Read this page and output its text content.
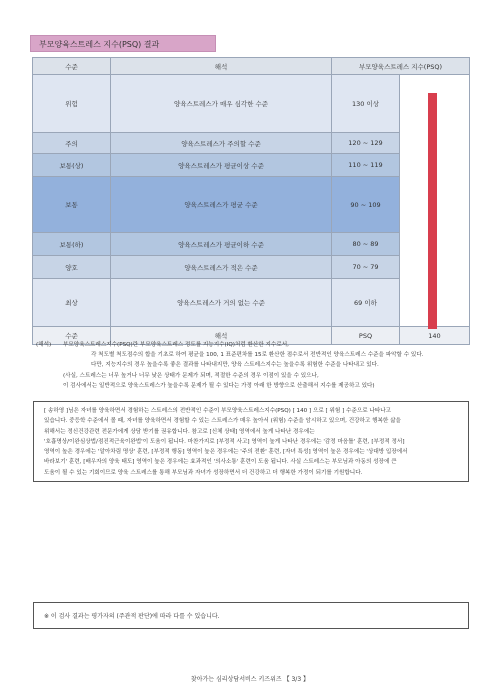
부모양육스트레스 지수(PSQ) 결과
수준	해석	부모양육스트레스 지수(PSQ)	
위험	양육스트레스가 매우 심각한 수준	130 이상	
주의	양육스트레스가 주의할 수준	120 ~ 129	
보통(상)	양육스트레스가 평균이상 수준	110 ~ 119	
보통	양육스트레스가 평균 수준	90 ~ 109	
보통(하)	양육스트레스가 평균이하 수준	80 ~ 89	
양호	양육스트레스가 적은 수준	70 ~ 79	
최상	양육스트레스가 거의 없는 수준	69 이하	
수준	해석	PSQ	140
(해석) 부모양육스트레스지수(PSQ)란 부모양육스트레스 정도를 지능지수(IQ)처럼 환산한 지수로서,
각 척도별 척도점수의 합을 기초로 하여 평균을 100, 1 표준편차를 15로 환산한 점수로서 전반적인 양육스트레스 수준을 파악할 수 있다.
다만, 지능지수의 경우 높을수록 좋은 결과를 나타내지만, 양육 스트레스지수는 높을수록 위험한 수준을 나타내고 있다.
(사실, 스트레스는 너무 높거나 너무 낮은 상태가 문제가 되며, 적절한 수준의 경우 이점이 있을 수 있으나,
이 검사에서는 일반적으로 양육스트레스가 높을수록 문제가 될 수 있다는 가정 아래 한 방향으로 산출해서 지수를 제공하고 있다)
[ 송하영 ]님은 자녀를 양육하면서 경험하는 스트레스의 전반적인 수준이 부모양육스트레스지수(PSQ) [ 140 ] 으로 [ 위험 ] 수준으로 나타나고
있습니다. 중등학 수준에서 볼 때, 자녀를 양육하면서 경험할 수 있는 스트레스가 매우 높아서 (위험) 수준을 암시하고 있으며, 건강하고 행복한 삶을
위해서는 정신건강관련 전문가에게 상담 받기를 권유합니다. 참고로 [신체 상태] 영역에서 높게 나타난 경우에는
'호흡명상/이완심상법/점진적근육이완법'이 도움이 됩니다. 마찬가지로 [부정적 사고] 영역이 높게 나타난 경우에는 '감정 마음틀' 훈련, [부정적 정서]
영역이 높은 경우에는 '알아차림 명상' 훈련, [부정적 행동] 영역이 높은 경우에는 '주의 전환' 훈련, [자녀 특성] 영역이 높은 경우에는 '상대방 입장에서
바라보기' 훈련, [배우자의 양육 태도] 영역이 높은 경우에는 효과적인 '의사소통' 훈련이 도움 됩니다. 사실 스트레스는 부모님과 아동의 성장에 큰
도움이 될 수 있는 기회이므로 양육 스트레스를 통해 부모님과 자녀가 성장하면서 더 건강하고 더 행복한 가정이 되기를 기원합니다.
※ 이 검사 결과는 평가자의 (주관적 판단)에 따라 다를 수 있습니다.
찾아가는 심리상담서비스 키즈위즈 【 3/3 】
